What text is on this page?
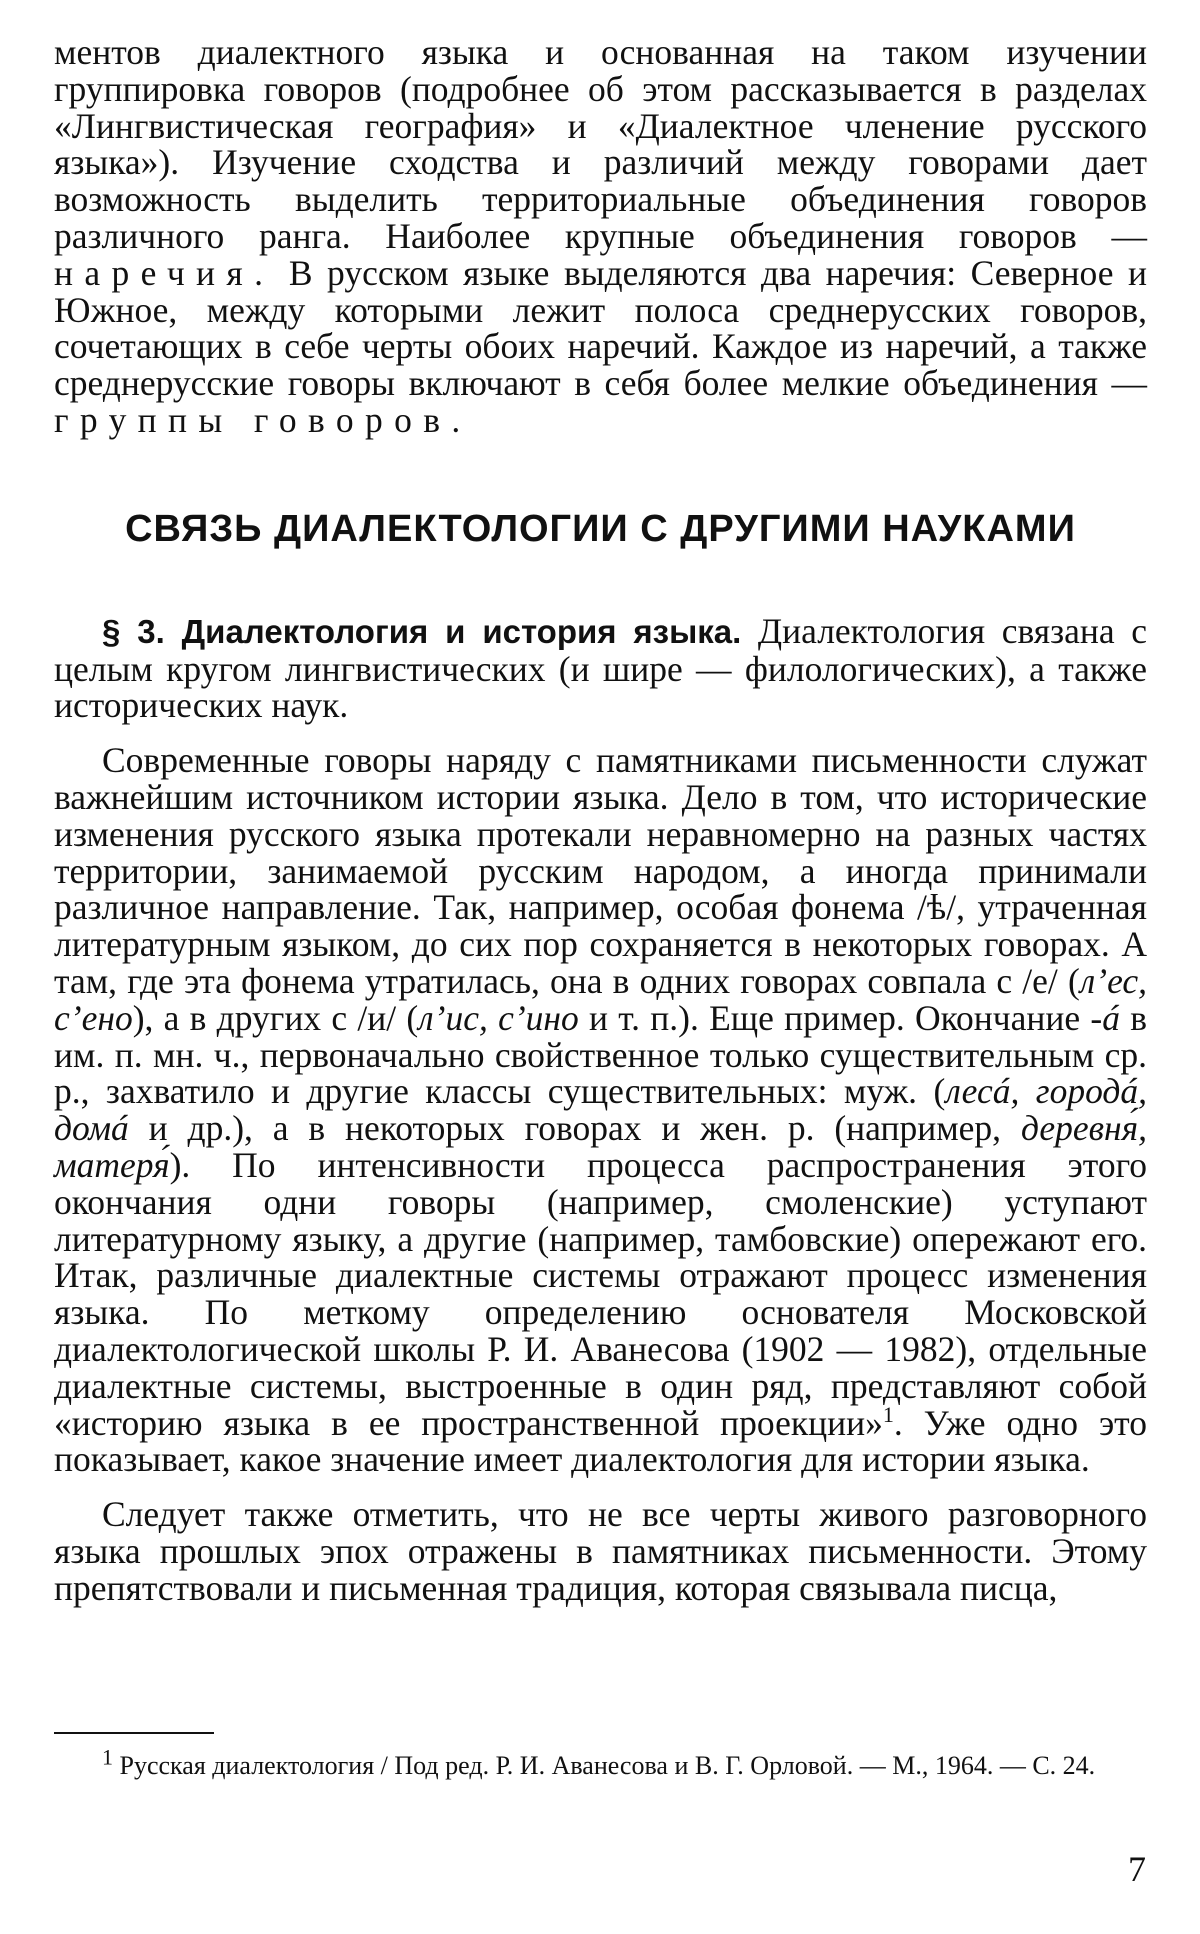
ментов диалектного языка и основанная на таком изучении группировка говоров (подробнее об этом рассказывается в разделах «Лингвистическая география» и «Диалектное членение русского языка»). Изучение сходства и различий между говорами дает возможность выделить территориальные объединения говоров различного ранга. Наиболее крупные объединения говоров — наречия. В русском языке выделяются два наречия: Северное и Южное, между которыми лежит полоса среднерусских говоров, сочетающих в себе черты обоих наречий. Каждое из наречий, а также среднерусские говоры включают в себя более мелкие объединения — группы говоров.

СВЯЗЬ ДИАЛЕКТОЛОГИИ С ДРУГИМИ НАУКАМИ

§ 3. Диалектология и история языка. Диалектология связана с целым кругом лингвистических (и шире — филологических), а также исторических наук.

Современные говоры наряду с памятниками письменности служат важнейшим источником истории языка. Дело в том, что исторические изменения русского языка протекали неравномерно на разных частях территории, занимаемой русским народом, а иногда принимали различное направление. Так, например, особая фонема /ѣ/, утраченная литературным языком, до сих пор сохраняется в некоторых говорах. А там, где эта фонема утратилась, она в одних говорах совпала с /е/ (л’ес, с’ено), а в других с /и/ (л’ис, с’ино и т. п.). Еще пример. Окончание -á в им. п. мн. ч., первоначально свойственное только существительным ср. р., захватило и другие классы существительных: муж. (лесá, городá, домá и др.), а в некоторых говорах и жен. р. (например, деревня́, матеря́). По интенсивности процесса распространения этого окончания одни говоры (например, смоленские) уступают литературному языку, а другие (например, тамбовские) опережают его. Итак, различные диалектные системы отражают процесс изменения языка. По меткому определению основателя Московской диалектологической школы Р. И. Аванесова (1902 — 1982), отдельные диалектные системы, выстроенные в один ряд, представляют собой «историю языка в ее пространственной проекции»$^1$. Уже одно это показывает, какое значение имеет диалектология для истории языка.

Следует также отметить, что не все черты живого разговорного языка прошлых эпох отражены в памятниках письменности. Этому препятствовали и письменная традиция, которая связывала писца,

$^1$ Русская диалектология / Под ред. Р. И. Аванесова и В. Г. Орловой. — М., 1964. — С. 24.

7
